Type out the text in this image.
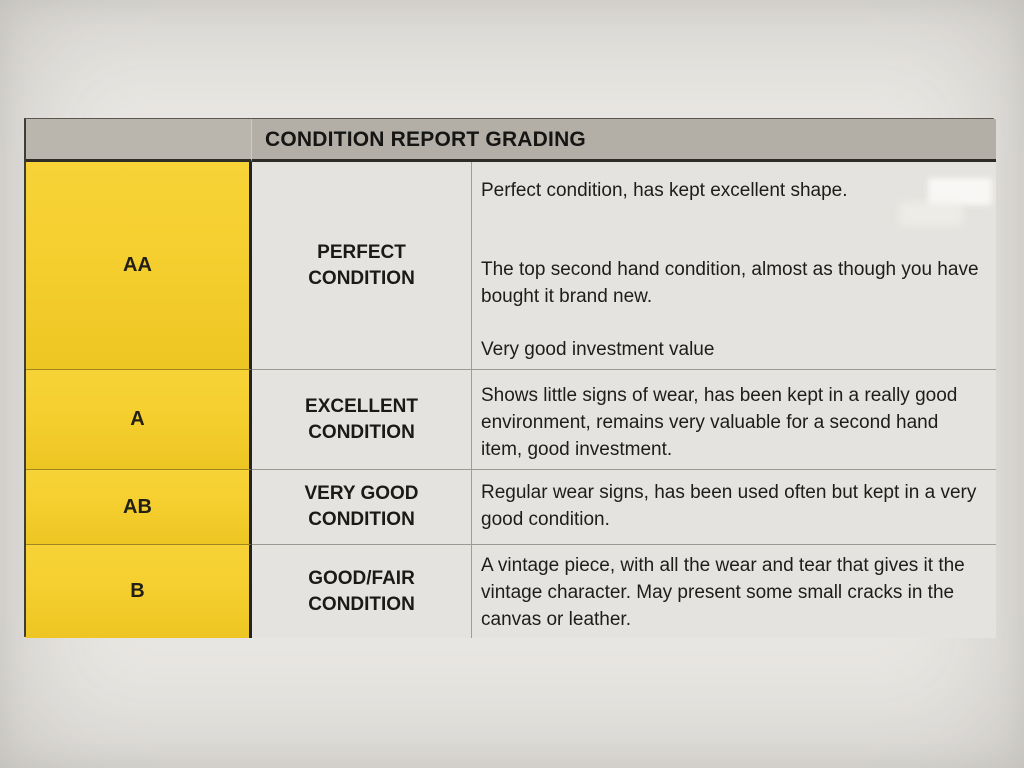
CONDITION REPORT GRADING
AA
PERFECT CONDITION

Perfect condition, has kept excellent shape.

The top second hand condition, almost as though you have bought it brand new.

Very good investment value

A
EXCELLENT CONDITION

Shows little signs of wear, has been kept in a really good environment, remains very valuable for a second hand item, good investment.

AB
VERY GOOD CONDITION

Regular wear signs, has been used often but kept in a very good condition.

B
GOOD/FAIR CONDITION

A vintage piece, with all the wear and tear that gives it the vintage character. May present some small cracks in the canvas or leather.
